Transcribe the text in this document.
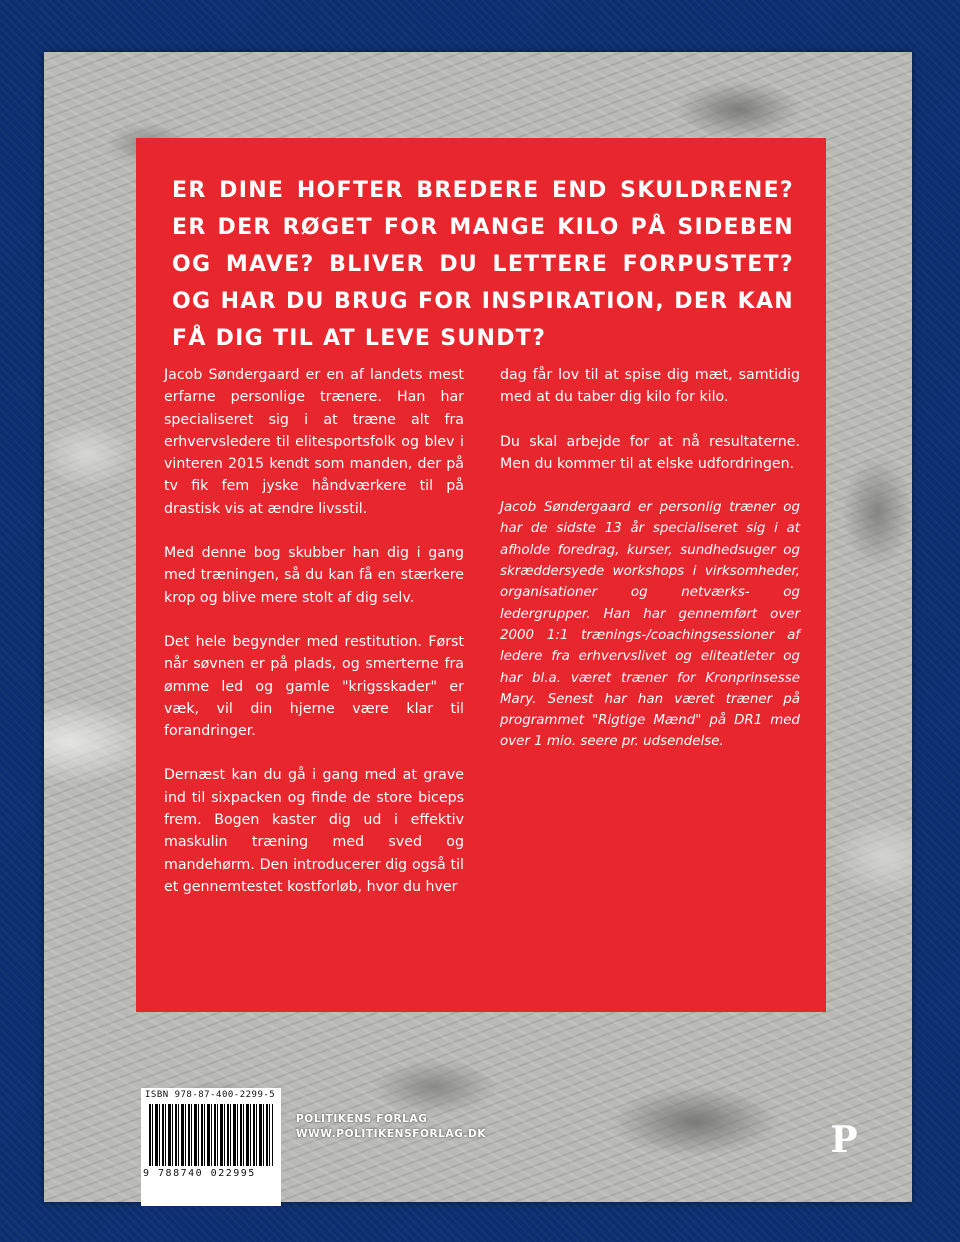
ER DINE HOFTER BREDERE END SKULDRENE? ER DER RØGET FOR MANGE KILO PÅ SIDEBEN OG MAVE? BLIVER DU LETTERE FORPUSTET? OG HAR DU BRUG FOR INSPIRATION, DER KAN FÅ DIG TIL AT LEVE SUNDT?

Jacob Søndergaard er en af landets mest erfarne personlige trænere. Han har specialiseret sig i at træne alt fra erhvervsledere til elitesportsfolk og blev i vinteren 2015 kendt som manden, der på tv fik fem jyske håndværkere til på drastisk vis at ændre livsstil.

Med denne bog skubber han dig i gang med træningen, så du kan få en stærkere krop og blive mere stolt af dig selv.

Det hele begynder med restitution. Først når søvnen er på plads, og smerterne fra ømme led og gamle "krigsskader" er væk, vil din hjerne være klar til forandringer.

Dernæst kan du gå i gang med at grave ind til sixpacken og finde de store biceps frem. Bogen kaster dig ud i effektiv maskulin træning med sved og mandehørm. Den introducerer dig også til et gennemtestet kostforløb, hvor du hver

dag får lov til at spise dig mæt, samtidig med at du taber dig kilo for kilo.

Du skal arbejde for at nå resultaterne. Men du kommer til at elske udfordringen.

Jacob Søndergaard er personlig træner og har de sidste 13 år specialiseret sig i at afholde foredrag, kurser, sundhedsuger og skræddersyede workshops i virksomheder, organisationer og netværks- og ledergrupper. Han har gennemført over 2000 1:1 trænings-/coachingsessioner af ledere fra erhvervslivet og eliteatleter og har bl.a. været træner for Kronprinsesse Mary. Senest har han været træner på programmet "Rigtige Mænd" på DR1 med over 1 mio. seere pr. udsendelse.

ISBN 978-87-400-2299-5
9 788740 022995
POLITIKENS FORLAG
WWW.POLITIKENSFORLAG.DK	P
